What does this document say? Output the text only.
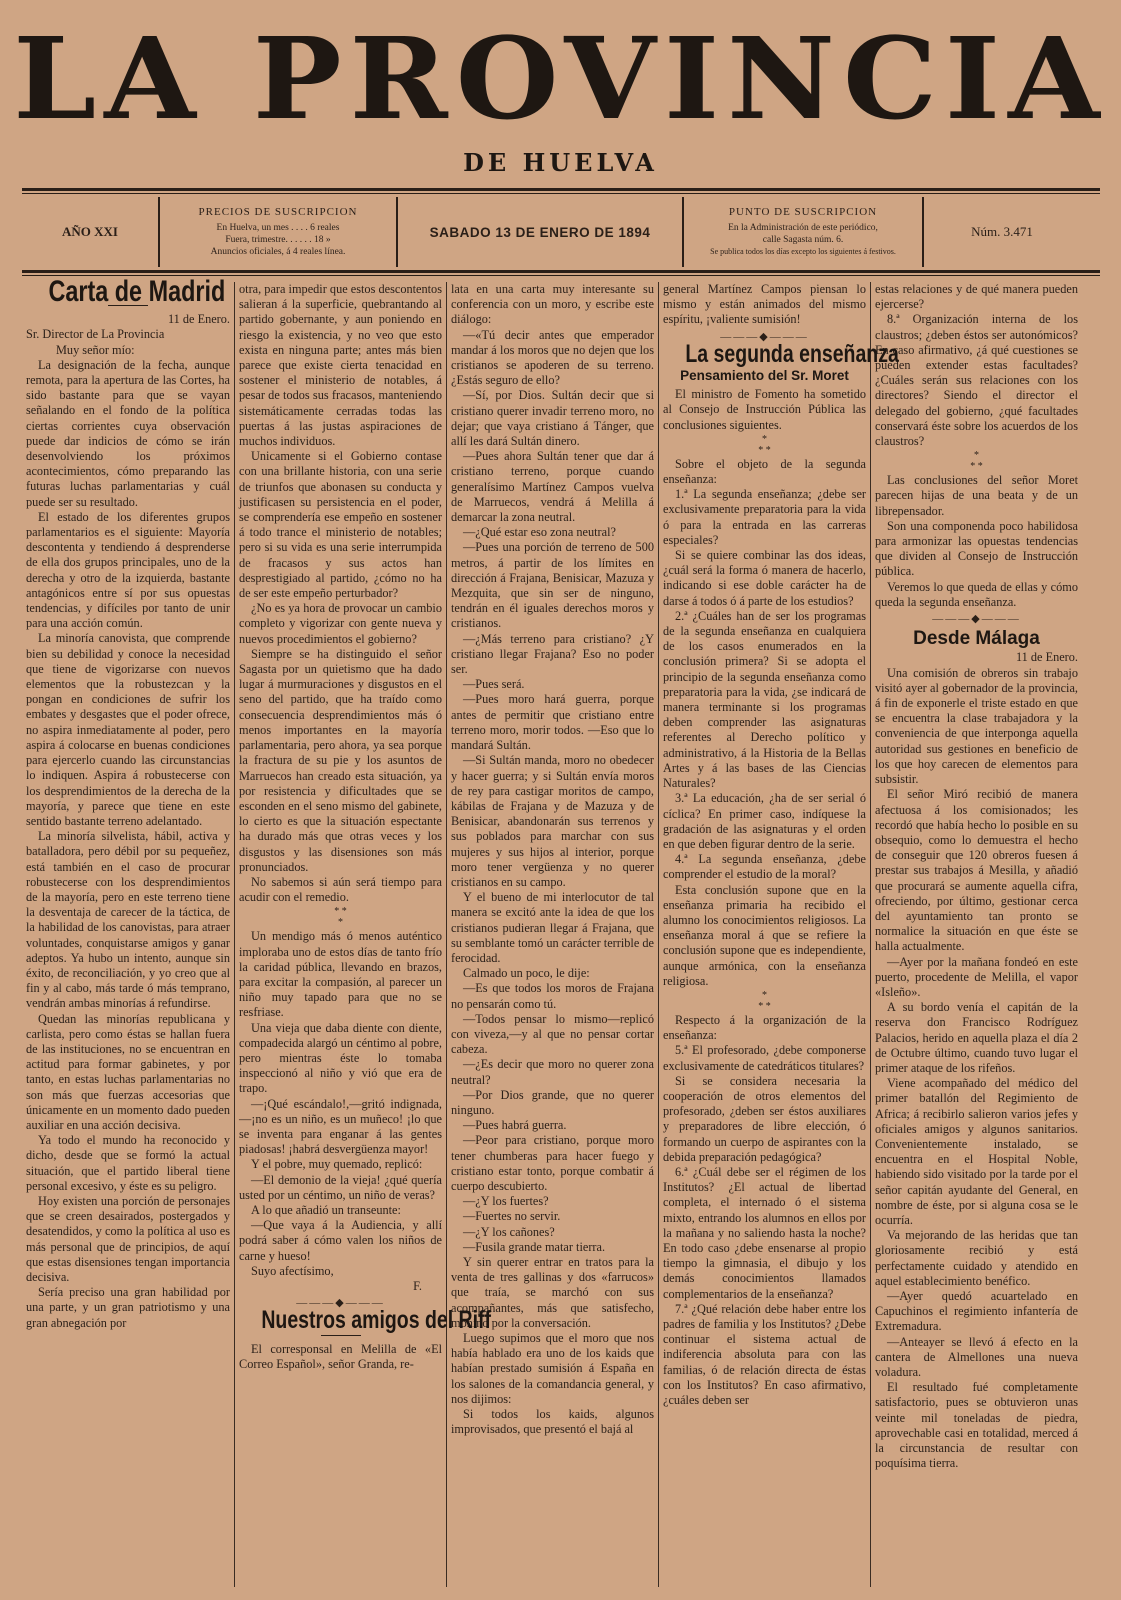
LA PROVINCIA
DE HUELVA
AÑO XXI
PRECIOS DE SUSCRIPCION
En Huelva, un mes . . . . 6 reales
Fuera, trimestre. . . . . . 18 »
Anuncios oficiales, á 4 reales línea.
SABADO 13 DE ENERO DE 1894
PUNTO DE SUSCRIPCION
En la Administración de este periódico,
calle Sagasta núm. 6.
Se publica todos los días excepto los siguientes á festivos.
Núm. 3.471
Carta de Madrid

11 de Enero.

Sr. Director de La Provincia

Muy señor mío:

La designación de la fecha, aunque remota, para la apertura de las Cortes, ha sido bastante para que se vayan señalando en el fondo de la política ciertas corrientes cuya observación puede dar indicios de cómo se irán desenvolviendo los próximos acontecimientos, cómo preparando las futuras luchas parlamentarias y cuál puede ser su resultado.

El estado de los diferentes grupos parlamentarios es el siguiente: Mayoría descontenta y tendiendo á desprenderse de ella dos grupos principales, uno de la derecha y otro de la izquierda, bastante antagónicos entre sí por sus opuestas tendencias, y difíciles por tanto de unir para una acción común.

La minoría canovista, que comprende bien su debilidad y conoce la necesidad que tiene de vigorizarse con nuevos elementos que la robustezcan y la pongan en condiciones de sufrir los embates y desgastes que el poder ofrece, no aspira inmediatamente al poder, pero aspira á colocarse en buenas condiciones para ejercerlo cuando las circunstancias lo indiquen. Aspira á robustecerse con los desprendimientos de la derecha de la mayoría, y parece que tiene en este sentido bastante terreno adelantado.

La minoría silvelista, hábil, activa y batalladora, pero débil por su pequeñez, está también en el caso de procurar robustecerse con los desprendimientos de la mayoría, pero en este terreno tiene la desventaja de carecer de la táctica, de la habilidad de los canovistas, para atraer voluntades, conquistarse amigos y ganar adeptos. Ya hubo un intento, aunque sin éxito, de reconciliación, y yo creo que al fin y al cabo, más tarde ó más temprano, vendrán ambas minorías á refundirse.

Quedan las minorías republicana y carlista, pero como éstas se hallan fuera de las instituciones, no se encuentran en actitud para formar gabinetes, y por tanto, en estas luchas parlamentarias no son más que fuerzas accesorias que únicamente en un momento dado pueden auxiliar en una acción decisiva.

Ya todo el mundo ha reconocido y dicho, desde que se formó la actual situación, que el partido liberal tiene personal excesivo, y éste es su peligro.

Hoy existen una porción de personajes que se creen desairados, postergados y desatendidos, y como la política al uso es más personal que de principios, de aquí que estas disensiones tengan importancia decisiva.

Sería preciso una gran habilidad por una parte, y un gran patriotismo y una gran abnegación por

otra, para impedir que estos descontentos salieran á la superficie, quebrantando al partido gobernante, y aun poniendo en riesgo la existencia, y no veo que esto exista en ninguna parte; antes más bien parece que existe cierta tenacidad en sostener el ministerio de notables, á pesar de todos sus fracasos, manteniendo sistemáticamente cerradas todas las puertas á las justas aspiraciones de muchos individuos.

Unicamente si el Gobierno contase con una brillante historia, con una serie de triunfos que abonasen su conducta y justificasen su persistencia en el poder, se comprendería ese empeño en sostener á todo trance el ministerio de notables; pero si su vida es una serie interrumpida de fracasos y sus actos han desprestigiado al partido, ¿cómo no ha de ser este empeño perturbador?

¿No es ya hora de provocar un cambio completo y vigorizar con gente nueva y nuevos procedimientos el gobierno?

Siempre se ha distinguido el señor Sagasta por un quietismo que ha dado lugar á murmuraciones y disgustos en el seno del partido, que ha traído como consecuencia desprendimientos más ó menos importantes en la mayoría parlamentaria, pero ahora, ya sea porque la fractura de su pie y los asuntos de Marruecos han creado esta situación, ya por resistencia y dificultades que se esconden en el seno mismo del gabinete, lo cierto es que la situación espectante ha durado más que otras veces y los disgustos y las disensiones son más pronunciados.

No sabemos si aún será tiempo para acudir con el remedio.

* *
*

Un mendigo más ó menos auténtico imploraba uno de estos días de tanto frío la caridad pública, llevando en brazos, para excitar la compasión, al parecer un niño muy tapado para que no se resfriase.

Una vieja que daba diente con diente, compadecida alargó un céntimo al pobre, pero mientras éste lo tomaba inspeccionó al niño y vió que era de trapo.

—¡Qué escándalo!,—gritó indignada,—¡no es un niño, es un muñeco! ¡lo que se inventa para enganar á las gentes piadosas! ¡habrá desvergüenza mayor!

Y el pobre, muy quemado, replicó:

—El demonio de la vieja! ¿qué quería usted por un céntimo, un niño de veras?

A lo que añadió un transeunte:

—Que vaya á la Audiencia, y allí podrá saber á cómo valen los niños de carne y hueso!

Suyo afectísimo,

F.

———◆———
Nuestros amigos del Riff

El corresponsal en Melilla de «El Correo Español», señor Granda, re-

lata en una carta muy interesante su conferencia con un moro, y escribe este diálogo:

—«Tú decir antes que emperador mandar á los moros que no dejen que los cristianos se apoderen de su terreno. ¿Estás seguro de ello?

—Sí, por Dios. Sultán decir que si cristiano querer invadir terreno moro, no dejar; que vaya cristiano á Tánger, que allí les dará Sultán dinero.

—Pues ahora Sultán tener que dar á cristiano terreno, porque cuando generalísimo Martínez Campos vuelva de Marruecos, vendrá á Melilla á demarcar la zona neutral.

—¿Qué estar eso zona neutral?

—Pues una porción de terreno de 500 metros, á partir de los límites en dirección á Frajana, Benisicar, Mazuza y Mezquita, que sin ser de ninguno, tendrán en él iguales derechos moros y cristianos.

—¿Más terreno para cristiano? ¿Y cristiano llegar Frajana? Eso no poder ser.

—Pues será.

—Pues moro hará guerra, porque antes de permitir que cristiano entre terreno moro, morir todos. —Eso que lo mandará Sultán.

—Si Sultán manda, moro no obedecer y hacer guerra; y si Sultán envía moros de rey para castigar moritos de campo, kábilas de Frajana y de Mazuza y de Benisicar, abandonarán sus terrenos y sus poblados para marchar con sus mujeres y sus hijos al interior, porque moro tener vergüenza y no querer cristianos en su campo.

Y el bueno de mi interlocutor de tal manera se excitó ante la idea de que los cristianos pudieran llegar á Frajana, que su semblante tomó un carácter terrible de ferocidad.

Calmado un poco, le dije:

—Es que todos los moros de Frajana no pensarán como tú.

—Todos pensar lo mismo—replicó con viveza,—y al que no pensar cortar cabeza.

—¿Es decir que moro no querer zona neutral?

—Por Dios grande, que no querer ninguno.

—Pues habrá guerra.

—Peor para cristiano, porque moro tener chumberas para hacer fuego y cristiano estar tonto, porque combatir á cuerpo descubierto.

—¿Y los fuertes?

—Fuertes no servir.

—¿Y los cañones?

—Fusila grande matar tierra.

Y sin querer entrar en tratos para la venta de tres gallinas y dos «farrucos» que traía, se marchó con sus acompañantes, más que satisfecho, mohíno por la conversación.

Luego supimos que el moro que nos había hablado era uno de los kaids que habían prestado sumisión á España en los salones de la comandancia general, y nos dijimos:

Si todos los kaids, algunos improvisados, que presentó el bajá al

general Martínez Campos piensan lo mismo y están animados del mismo espíritu, ¡valiente sumisión!

———◆———
La segunda enseñanza
Pensamiento del Sr. Moret

El ministro de Fomento ha sometido al Consejo de Instrucción Pública las conclusiones siguientes.

*
* *

Sobre el objeto de la segunda enseñanza:

1.ª La segunda enseñanza; ¿debe ser exclusivamente preparatoria para la vida ó para la entrada en las carreras especiales?

Si se quiere combinar las dos ideas, ¿cuál será la forma ó manera de hacerlo, indicando si ese doble carácter ha de darse á todos ó á parte de los estudios?

2.ª ¿Cuáles han de ser los programas de la segunda enseñanza en cualquiera de los casos enumerados en la conclusión primera? Si se adopta el principio de la segunda enseñanza como preparatoria para la vida, ¿se indicará de manera terminante si los programas deben comprender las asignaturas referentes al Derecho político y administrativo, á la Historia de la Bellas Artes y á las bases de las Ciencias Naturales?

3.ª La educación, ¿ha de ser serial ó cíclica? En primer caso, indíquese la gradación de las asignaturas y el orden en que deben figurar dentro de la serie.

4.ª La segunda enseñanza, ¿debe comprender el estudio de la moral?

Esta conclusión supone que en la enseñanza primaria ha recibido el alumno los conocimientos religiosos. La enseñanza moral á que se refiere la conclusión supone que es independiente, aunque armónica, con la enseñanza religiosa.

*
* *

Respecto á la organización de la enseñanza:

5.ª El profesorado, ¿debe componerse exclusivamente de catedráticos titulares?

Si se considera necesaria la cooperación de otros elementos del profesorado, ¿deben ser éstos auxiliares y preparadores de libre elección, ó formando un cuerpo de aspirantes con la debida preparación pedagógica?

6.ª ¿Cuál debe ser el régimen de los Institutos? ¿El actual de libertad completa, el internado ó el sistema mixto, entrando los alumnos en ellos por la mañana y no saliendo hasta la noche? En todo caso ¿debe ensenarse al propio tiempo la gimnasia, el dibujo y los demás conocimientos llamados complementarios de la enseñanza?

7.ª ¿Qué relación debe haber entre los padres de familia y los Institutos? ¿Debe continuar el sistema actual de indiferencia absoluta para con las familias, ó de relación directa de éstas con los Institutos? En caso afirmativo, ¿cuáles deben ser

estas relaciones y de qué manera pueden ejercerse?

8.ª Organización interna de los claustros; ¿deben éstos ser autonómicos? En caso afirmativo, ¿á qué cuestiones se pueden extender estas facultades? ¿Cuáles serán sus relaciones con los directores? Siendo el director el delegado del gobierno, ¿qué facultades conservará éste sobre los acuerdos de los claustros?

*
* *

Las conclusiones del señor Moret parecen hijas de una beata y de un librepensador.

Son una componenda poco habilidosa para armonizar las opuestas tendencias que dividen al Consejo de Instrucción pública.

Veremos lo que queda de ellas y cómo queda la segunda enseñanza.

———◆———
Desde Málaga

11 de Enero.

Una comisión de obreros sin trabajo visitó ayer al gobernador de la provincia, á fin de exponerle el triste estado en que se encuentra la clase trabajadora y la conveniencia de que interponga aquella autoridad sus gestiones en beneficio de los que hoy carecen de elementos para subsistir.

El señor Miró recibió de manera afectuosa á los comisionados; les recordó que había hecho lo posible en su obsequio, como lo demuestra el hecho de conseguir que 120 obreros fuesen á prestar sus trabajos á Mesilla, y añadió que procurará se aumente aquella cifra, ofreciendo, por último, gestionar cerca del ayuntamiento tan pronto se normalice la situación en que éste se halla actualmente.

—Ayer por la mañana fondeó en este puerto, procedente de Melilla, el vapor «Isleño».

A su bordo venía el capitán de la reserva don Francisco Rodríguez Palacios, herido en aquella plaza el día 2 de Octubre último, cuando tuvo lugar el primer ataque de los rifeños.

Viene acompañado del médico del primer batallón del Regimiento de Africa; á recibirlo salieron varios jefes y oficiales amigos y algunos sanitarios. Convenientemente instalado, se encuentra en el Hospital Noble, habiendo sido visitado por la tarde por el señor capitán ayudante del General, en nombre de éste, por si alguna cosa se le ocurría.

Va mejorando de las heridas que tan gloriosamente recibió y está perfectamente cuidado y atendido en aquel establecimiento benéfico.

—Ayer quedó acuartelado en Capuchinos el regimiento infantería de Extremadura.

—Anteayer se llevó á efecto en la cantera de Almellones una nueva voladura.

El resultado fué completamente satisfactorio, pues se obtuvieron unas veinte mil toneladas de piedra, aprovechable casi en totalidad, merced á la circunstancia de resultar con poquísima tierra.
